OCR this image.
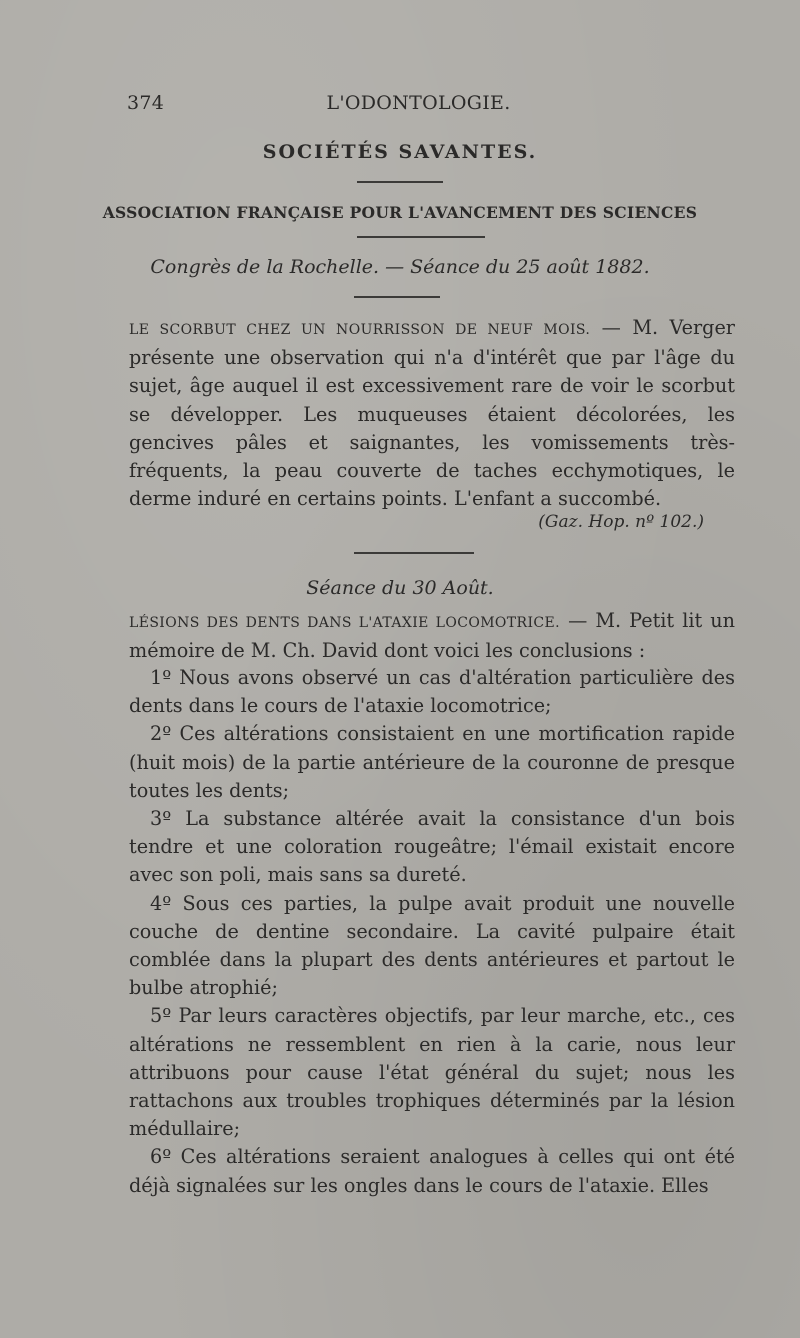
374	L'ODONTOLOGIE.
SOCIÉTÉS SAVANTES.
ASSOCIATION FRANÇAISE POUR L'AVANCEMENT DES SCIENCES
Congrès de la Rochelle. — Séance du 25 août 1882.

LE SCORBUT CHEZ UN NOURRISSON DE NEUF MOIS. — M. Verger présente une observation qui n'a d'intérêt que par l'âge du sujet, âge auquel il est excessivement rare de voir le scorbut se développer. Les muqueuses étaient décolorées, les gencives pâles et saignantes, les vomissements très-fréquents, la peau couverte de taches ecchymotiques, le derme induré en certains points. L'enfant a succombé.

(Gaz. Hop. nº 102.)
Séance du 30 Août.

LÉSIONS DES DENTS DANS L'ATAXIE LOCOMOTRICE. — M. Petit lit un mémoire de M. Ch. David dont voici les conclusions :

1º Nous avons observé un cas d'altération particulière des dents dans le cours de l'ataxie locomotrice;

2º Ces altérations consistaient en une mortification rapide (huit mois) de la partie antérieure de la couronne de presque toutes les dents;

3º La substance altérée avait la consistance d'un bois tendre et une coloration rougeâtre; l'émail existait encore avec son poli, mais sans sa dureté.

4º Sous ces parties, la pulpe avait produit une nouvelle couche de dentine secondaire. La cavité pulpaire était comblée dans la plupart des dents antérieures et partout le bulbe atrophié;

5º Par leurs caractères objectifs, par leur marche, etc., ces altérations ne ressemblent en rien à la carie, nous leur attribuons pour cause l'état général du sujet; nous les rattachons aux troubles trophiques déterminés par la lésion médullaire;

6º Ces altérations seraient analogues à celles qui ont été déjà signalées sur les ongles dans le cours de l'ataxie. Elles
